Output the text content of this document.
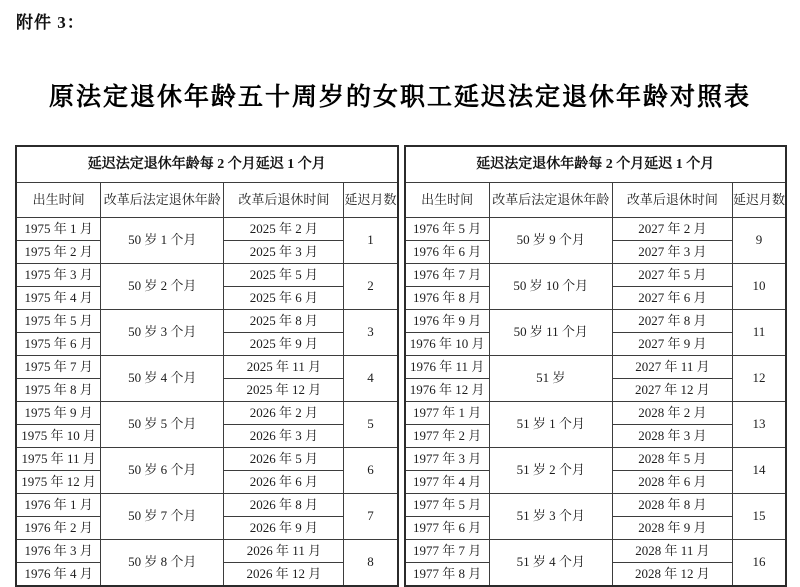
附件 3：
原法定退休年龄五十周岁的女职工延迟法定退休年龄对照表
延迟法定退休年龄每 2 个月延迟 1 个月			
出生时间	改革后法定退休年龄	改革后退休时间	延迟月数
1975 年 1 月	50 岁 1 个月	2025 年 2 月	1
1975 年 2 月		2025 年 3 月	
1975 年 3 月	50 岁 2 个月	2025 年 5 月	2
1975 年 4 月		2025 年 6 月	
1975 年 5 月	50 岁 3 个月	2025 年 8 月	3
1975 年 6 月		2025 年 9 月	
1975 年 7 月	50 岁 4 个月	2025 年 11 月	4
1975 年 8 月		2025 年 12 月	
1975 年 9 月	50 岁 5 个月	2026 年 2 月	5
1975 年 10 月		2026 年 3 月	
1975 年 11 月	50 岁 6 个月	2026 年 5 月	6
1975 年 12 月		2026 年 6 月	
1976 年 1 月	50 岁 7 个月	2026 年 8 月	7
1976 年 2 月		2026 年 9 月	
1976 年 3 月	50 岁 8 个月	2026 年 11 月	8
1976 年 4 月		2026 年 12 月	
延迟法定退休年龄每 2 个月延迟 1 个月			
出生时间	改革后法定退休年龄	改革后退休时间	延迟月数
1976 年 5 月	50 岁 9 个月	2027 年 2 月	9
1976 年 6 月		2027 年 3 月	
1976 年 7 月	50 岁 10 个月	2027 年 5 月	10
1976 年 8 月		2027 年 6 月	
1976 年 9 月	50 岁 11 个月	2027 年 8 月	11
1976 年 10 月		2027 年 9 月	
1976 年 11 月	51 岁	2027 年 11 月	12
1976 年 12 月		2027 年 12 月	
1977 年 1 月	51 岁 1 个月	2028 年 2 月	13
1977 年 2 月		2028 年 3 月	
1977 年 3 月	51 岁 2 个月	2028 年 5 月	14
1977 年 4 月		2028 年 6 月	
1977 年 5 月	51 岁 3 个月	2028 年 8 月	15
1977 年 6 月		2028 年 9 月	
1977 年 7 月	51 岁 4 个月	2028 年 11 月	16
1977 年 8 月		2028 年 12 月	
